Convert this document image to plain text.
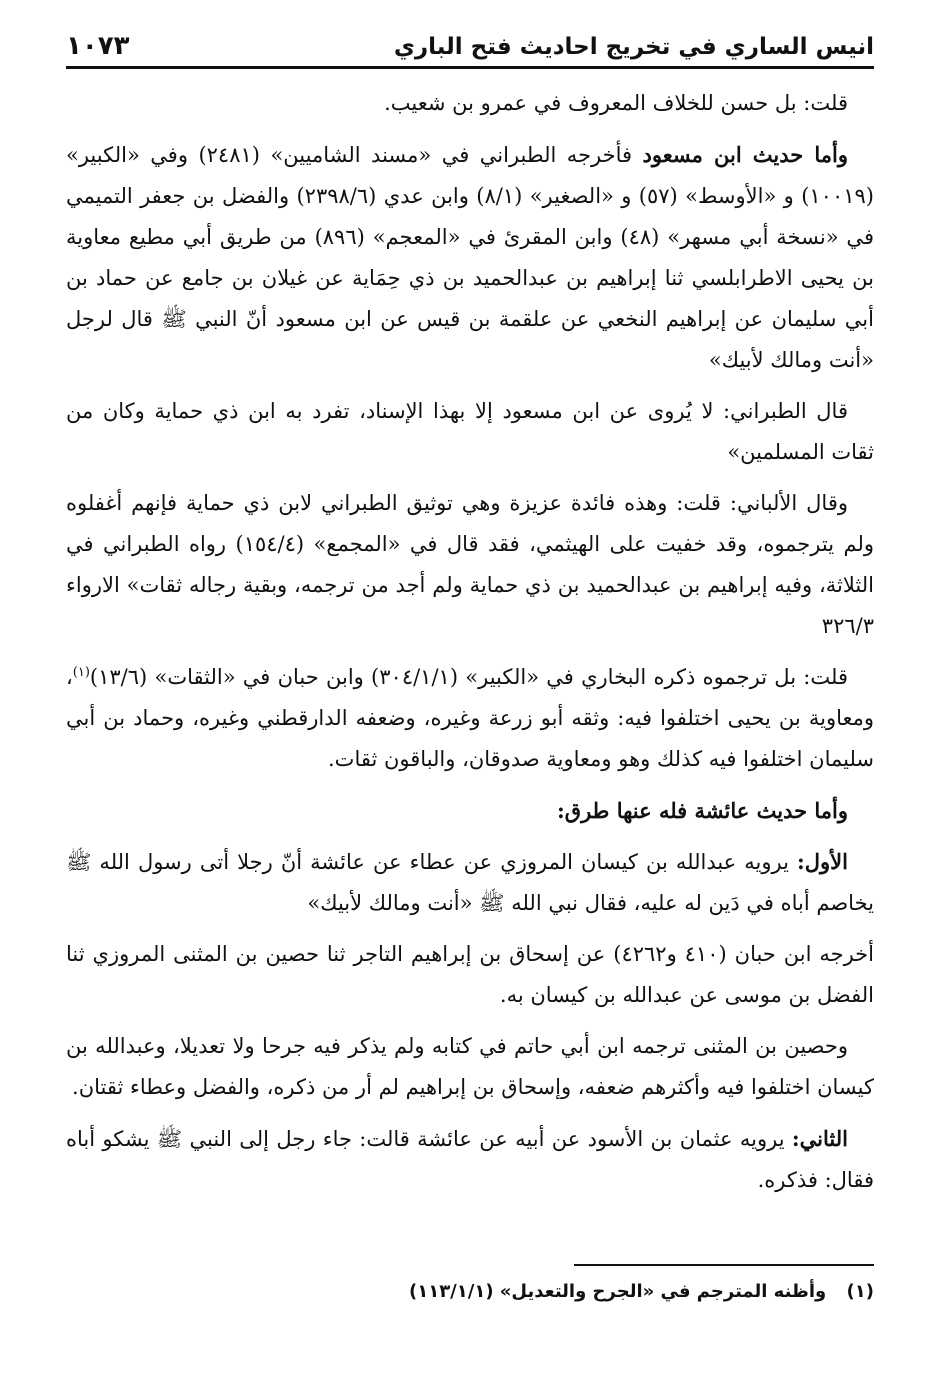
انيس الساري في تخريج احاديث فتح الباري
١٠٧٣

قلت: بل حسن للخلاف المعروف في عمرو بن شعيب.

وأما حديث ابن مسعود فأخرجه الطبراني في «مسند الشاميين» (٢٤٨١) وفي «الكبير» (١٠٠١٩) و «الأوسط» (٥٧) و «الصغير» (٨/١) وابن عدي (٢٣٩٨/٦) والفضل بن جعفر التميمي في «نسخة أبي مسهر» (٤٨) وابن المقرئ في «المعجم» (٨٩٦) من طريق أبي مطيع معاوية بن يحيى الاطرابلسي ثنا إبراهيم بن عبدالحميد بن ذي حِمَاية عن غيلان بن جامع عن حماد بن أبي سليمان عن إبراهيم النخعي عن علقمة بن قيس عن ابن مسعود أنّ النبي ﷺ قال لرجل «أنت ومالك لأبيك»

قال الطبراني: لا يُروى عن ابن مسعود إلا بهذا الإسناد، تفرد به ابن ذي حماية وكان من ثقات المسلمين»

وقال الألباني: قلت: وهذه فائدة عزيزة وهي توثيق الطبراني لابن ذي حماية فإنهم أغفلوه ولم يترجموه، وقد خفيت على الهيثمي، فقد قال في «المجمع» (١٥٤/٤) رواه الطبراني في الثلاثة، وفيه إبراهيم بن عبدالحميد بن ذي حماية ولم أجد من ترجمه، وبقية رجاله ثقات» الارواء ٣٢٦/٣

قلت: بل ترجموه ذكره البخاري في «الكبير» (٣٠٤/١/١) وابن حبان في «الثقات» (١٣/٦)$^{(١)}$، ومعاوية بن يحيى اختلفوا فيه: وثقه أبو زرعة وغيره، وضعفه الدارقطني وغيره، وحماد بن أبي سليمان اختلفوا فيه كذلك وهو ومعاوية صدوقان، والباقون ثقات.

وأما حديث عائشة فله عنها طرق:

الأول: يرويه عبدالله بن كيسان المروزي عن عطاء عن عائشة أنّ رجلا أتى رسول الله ﷺ يخاصم أباه في دَين له عليه، فقال نبي الله ﷺ «أنت ومالك لأبيك»

أخرجه ابن حبان (٤١٠ و٤٢٦٢) عن إسحاق بن إبراهيم التاجر ثنا حصين بن المثنى المروزي ثنا الفضل بن موسى عن عبدالله بن كيسان به.

وحصين بن المثنى ترجمه ابن أبي حاتم في كتابه ولم يذكر فيه جرحا ولا تعديلا، وعبدالله بن كيسان اختلفوا فيه وأكثرهم ضعفه، وإسحاق بن إبراهيم لم أر من ذكره، والفضل وعطاء ثقتان.

الثاني: يرويه عثمان بن الأسود عن أبيه عن عائشة قالت: جاء رجل إلى النبي ﷺ يشكو أباه فقال: فذكره.

(١) وأظنه المترجم في «الجرح والتعديل» (١١٣/١/١)
